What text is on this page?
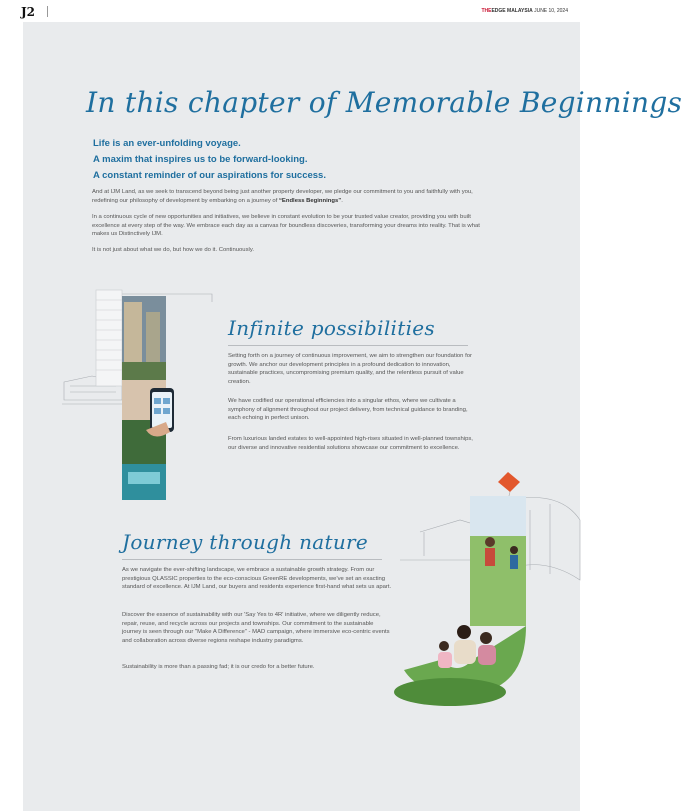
J2	THEEDGE MALAYSIA JUNE 10, 2024
In this chapter of Memorable Beginnings
Life is an ever-unfolding voyage.
A maxim that inspires us to be forward-looking.
A constant reminder of our aspirations for success.
And at IJM Land, as we seek to transcend beyond being just another property developer, we pledge our commitment to you and faithfully with you, redefining our philosophy of development by embarking on a journey of “Endless Beginnings”.
In a continuous cycle of new opportunities and initiatives, we believe in constant evolution to be your trusted value creator, providing you with built excellence at every step of the way. We embrace each day as a canvas for boundless discoveries, transforming your dreams into reality. That is what makes us Distinctively IJM.
It is not just about what we do, but how we do it. Continuously.
Infinite possibilities
Setting forth on a journey of continuous improvement, we aim to strengthen our foundation for growth. We anchor our development principles in a profound dedication to innovation, sustainable practices, uncompromising premium quality, and the relentless pursuit of value creation.
We have codified our operational efficiencies into a singular ethos, where we cultivate a symphony of alignment throughout our project delivery, from technical guidance to branding, each echoing in perfect unison.
From luxurious landed estates to well-appointed high-rises situated in well-planned townships, our diverse and innovative residential solutions showcase our commitment to excellence.
Journey through nature
As we navigate the ever-shifting landscape, we embrace a sustainable growth strategy. From our prestigious QLASSIC properties to the eco-conscious GreenRE developments, we've set an exacting standard of excellence. At IJM Land, our buyers and residents experience first-hand what sets us apart.
Discover the essence of sustainability with our 'Say Yes to 4R' initiative, where we diligently reduce, repair, reuse, and recycle across our projects and townships. Our commitment to the sustainable journey is seen through our "Make A Difference" - MAD campaign, where immersive eco-centric events and collaboration across diverse regions reshape industry paradigms.
Sustainability is more than a passing fad; it is our credo for a better future.
